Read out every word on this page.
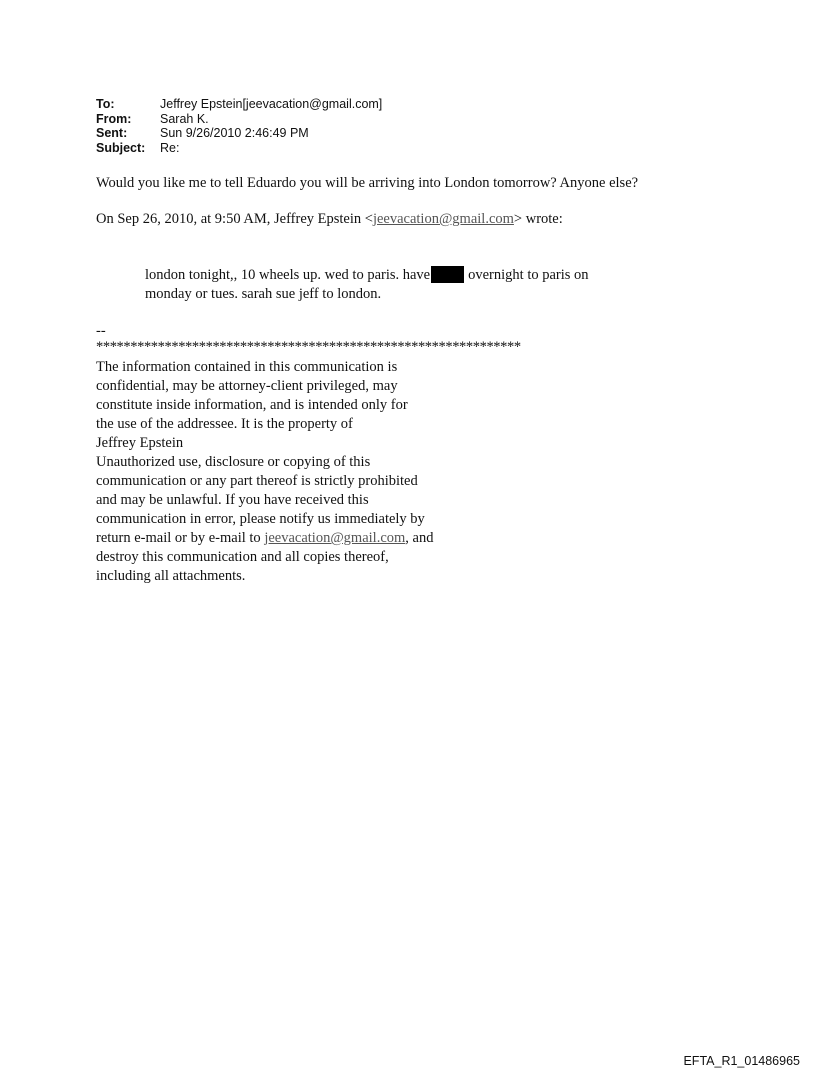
To:	Jeffrey Epstein[jeevacation@gmail.com]
From:	Sarah K.
Sent:	Sun 9/26/2010 2:46:49 PM
Subject:	Re:
Would you like me to tell Eduardo you will be arriving into London tomorrow? Anyone else?
On Sep 26, 2010, at 9:50 AM, Jeffrey Epstein <jeevacation@gmail.com> wrote:
london tonight,, 10 wheels up. wed to paris. have	overnight to paris on
monday or tues. sarah sue jeff to london.
--
**************************************************************
The information contained in this communication is
confidential, may be attorney-client privileged, may
constitute inside information, and is intended only for
the use of the addressee. It is the property of
Jeffrey Epstein
Unauthorized use, disclosure or copying of this
communication or any part thereof is strictly prohibited
and may be unlawful. If you have received this
communication in error, please notify us immediately by
return e-mail or by e-mail to jeevacation@gmail.com, and
destroy this communication and all copies thereof,
including all attachments.
EFTA_R1_01486965
